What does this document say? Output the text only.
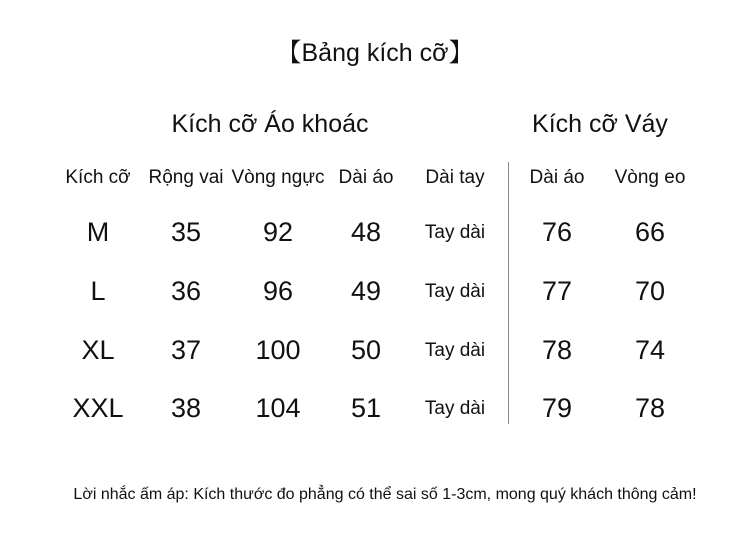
【Bảng kích cỡ】
Kích cỡ Áo khoác	Kích cỡ Váy
Kích cỡ Rộng vai Vòng ngực Dài áo Dài tay Dài áo Vòng eo
M 35 92 48 Tay dài 76 66
L 36 96 49 Tay dài 77 70
XL 37 100 50 Tay dài 78 74
XXL 38 104 51 Tay dài 79 78
Lời nhắc ấm áp: Kích thước đo phẳng có thể sai số 1-3cm, mong quý khách thông cảm!
